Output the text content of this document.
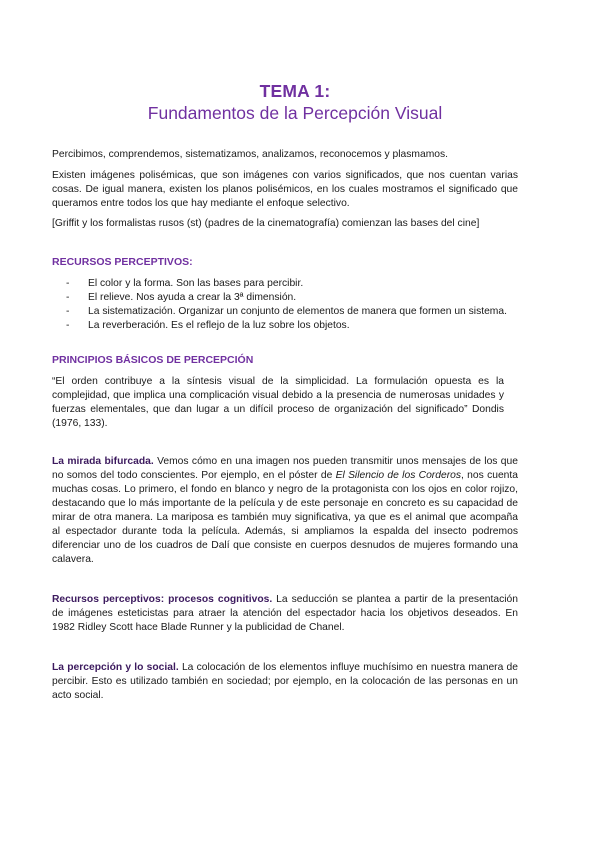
TEMA 1:
Fundamentos de la Percepción Visual

Percibimos, comprendemos, sistematizamos, analizamos, reconocemos y plasmamos.

Existen imágenes polisémicas, que son imágenes con varios significados, que nos cuentan varias cosas. De igual manera, existen los planos polisémicos, en los cuales mostramos el significado que queramos entre todos los que hay mediante el enfoque selectivo.

[Griffit y los formalistas rusos (st) (padres de la cinematografía) comienzan las bases del cine]

RECURSOS PERCEPTIVOS:
- El color y la forma. Son las bases para percibir.
- El relieve. Nos ayuda a crear la 3ª dimensión.
- La sistematización. Organizar un conjunto de elementos de manera que formen un sistema.
- La reverberación. Es el reflejo de la luz sobre los objetos.
PRINCIPIOS BÁSICOS DE PERCEPCIÓN

“El orden contribuye a la síntesis visual de la simplicidad. La formulación opuesta es la complejidad, que implica una complicación visual debido a la presencia de numerosas unidades y fuerzas elementales, que dan lugar a un difícil proceso de organización del significado” Dondis (1976, 133).

La mirada bifurcada. Vemos cómo en una imagen nos pueden transmitir unos mensajes de los que no somos del todo conscientes. Por ejemplo, en el póster de El Silencio de los Corderos, nos cuenta muchas cosas. Lo primero, el fondo en blanco y negro de la protagonista con los ojos en color rojizo, destacando que lo más importante de la película y de este personaje en concreto es su capacidad de mirar de otra manera. La mariposa es también muy significativa, ya que es el animal que acompaña al espectador durante toda la película. Además, si ampliamos la espalda del insecto podremos diferenciar uno de los cuadros de Dalí que consiste en cuerpos desnudos de mujeres formando una calavera.

Recursos perceptivos: procesos cognitivos. La seducción se plantea a partir de la presentación de imágenes esteticistas para atraer la atención del espectador hacia los objetivos deseados. En 1982 Ridley Scott hace Blade Runner y la publicidad de Chanel.

La percepción y lo social. La colocación de los elementos influye muchísimo en nuestra manera de percibir. Esto es utilizado también en sociedad; por ejemplo, en la colocación de las personas en un acto social.
